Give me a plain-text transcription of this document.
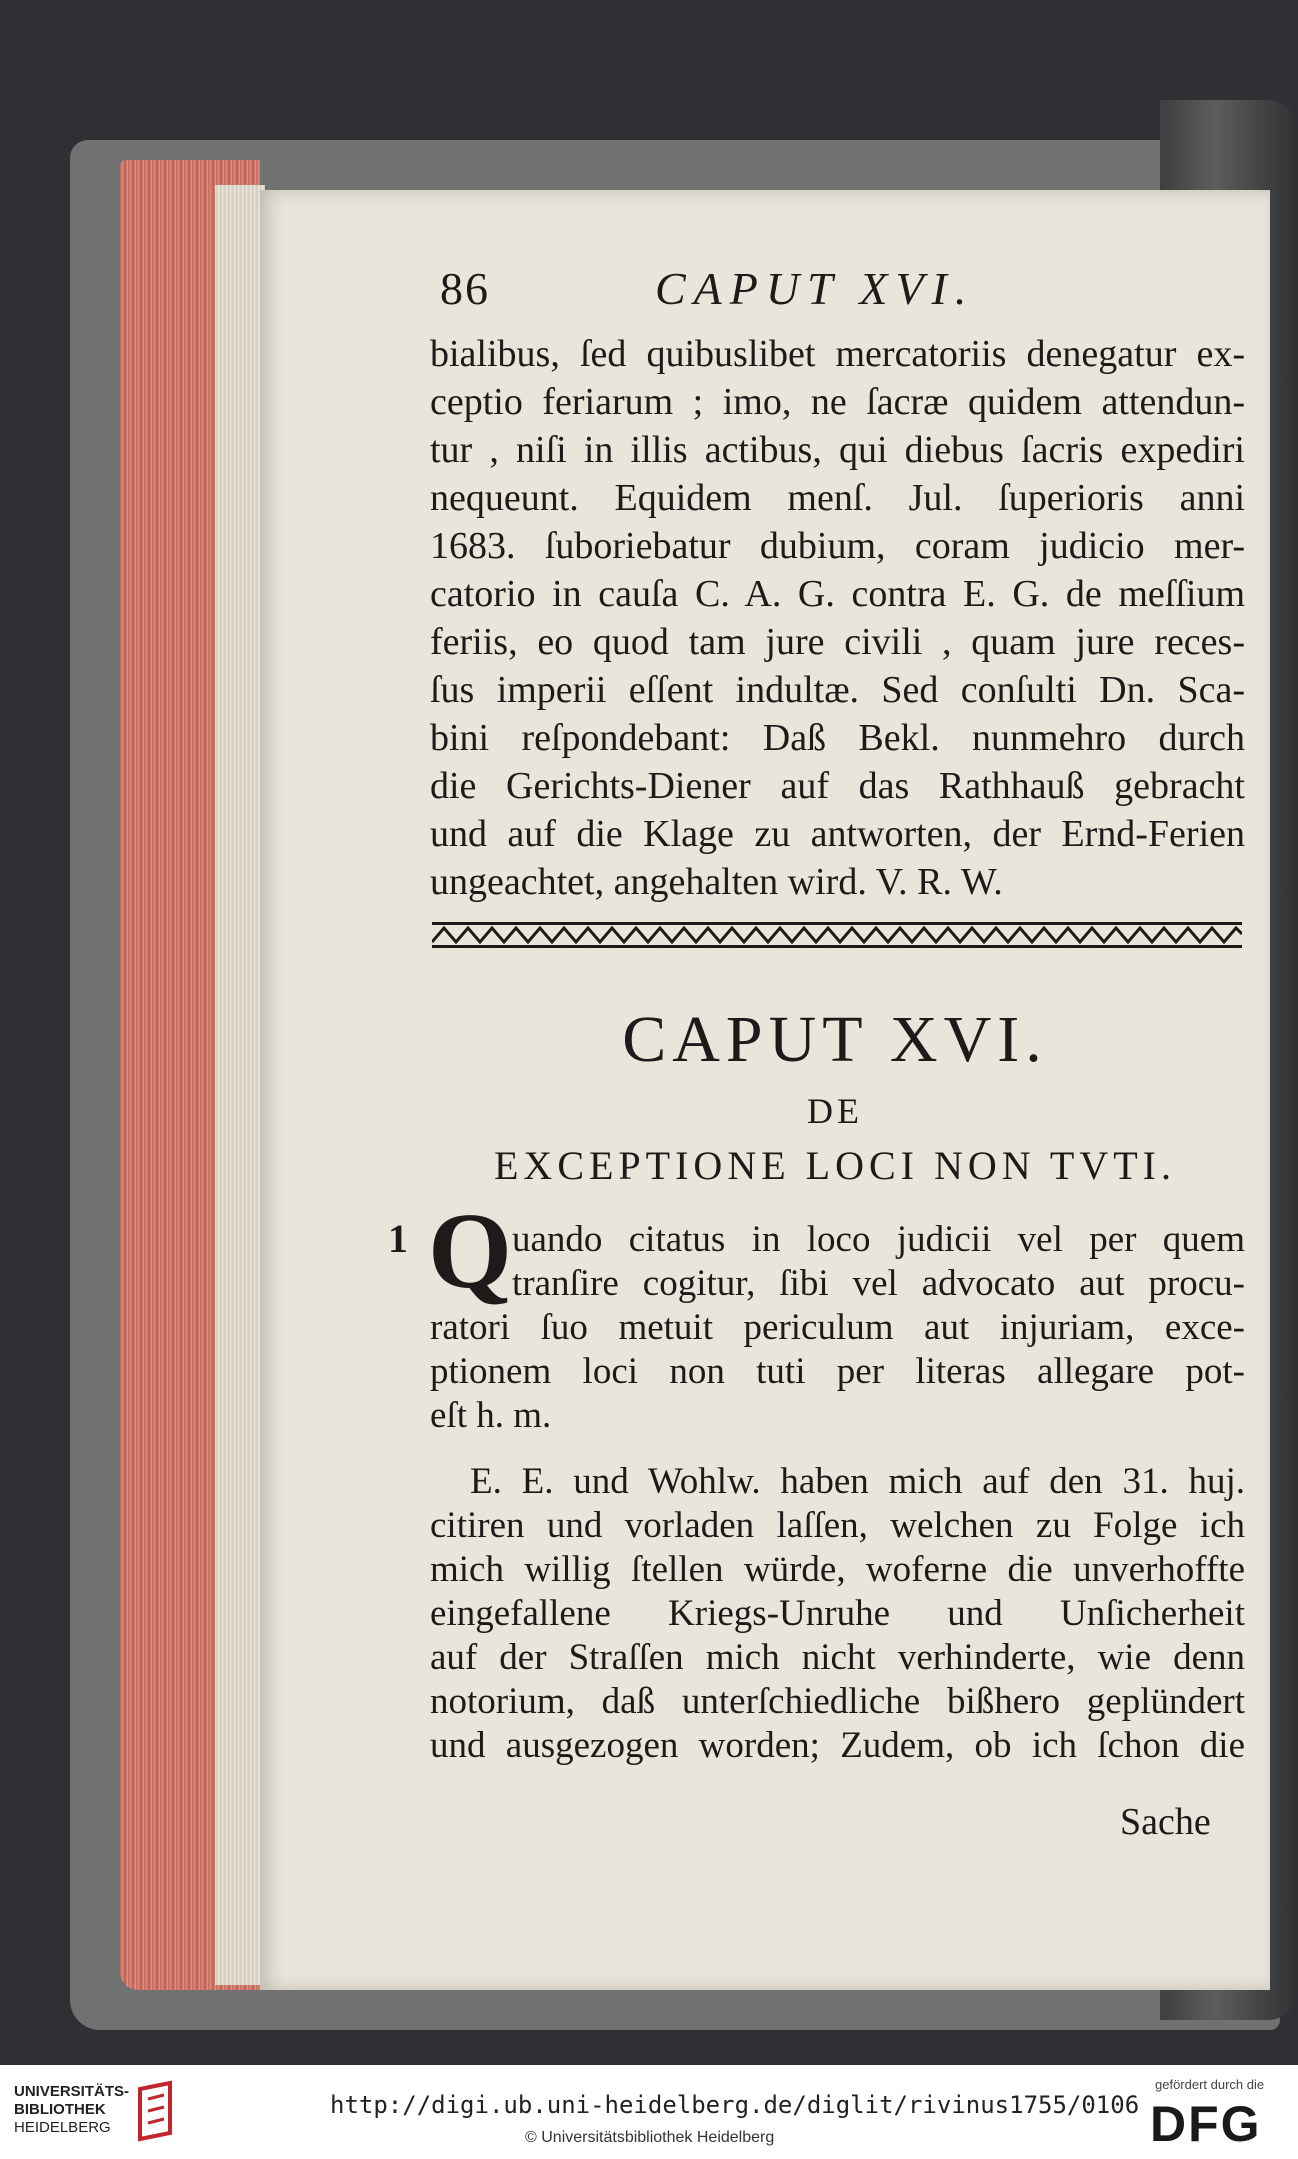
86	CAPUT XVI.
bialibus, ſed quibuslibet mercatoriis denegatur ex-
ceptio feriarum ; imo, ne ſacræ quidem attendun-
tur , niſi in illis actibus, qui diebus ſacris expediri
nequeunt. Equidem menſ. Jul. ſuperioris anni
1683. ſuboriebatur dubium, coram judicio mer-
catorio in cauſa C. A. G. contra E. G. de meſſium
feriis, eo quod tam jure civili , quam jure reces-
ſus imperii eſſent indultæ. Sed conſulti Dn. Sca-
bini reſpondebant: Daß Bekl. nunmehro durch
die Gerichts-Diener auf das Rathhauß gebracht
und auf die Klage zu antworten, der Ernd-Ferien
ungeachtet, angehalten wird. V. R. W.
CAPUT XVI.
DE
EXCEPTIONE LOCI NON TVTI.
1 Q uando citatus in loco judicii vel per quem
tranſire cogitur, ſibi vel advocato aut procu-
ratori ſuo metuit periculum aut injuriam, exce-
ptionem loci non tuti per literas allegare pot-
eſt h. m.
E. E. und Wohlw. haben mich auf den 31. huj.
citiren und vorladen laſſen, welchen zu Folge ich
mich willig ſtellen würde, woferne die unverhoffte
eingefallene Kriegs-Unruhe und Unſicherheit
auf der Straſſen mich nicht verhinderte, wie denn
notorium, daß unterſchiedliche bißhero geplündert
und ausgezogen worden; Zudem, ob ich ſchon die
Sache
UNIVERSITÄTS-
BIBLIOTHEK
HEIDELBERG
http://digi.ub.uni-heidelberg.de/diglit/rivinus1755/0106
© Universitätsbibliothek Heidelberg
gefördert durch die
DFG
